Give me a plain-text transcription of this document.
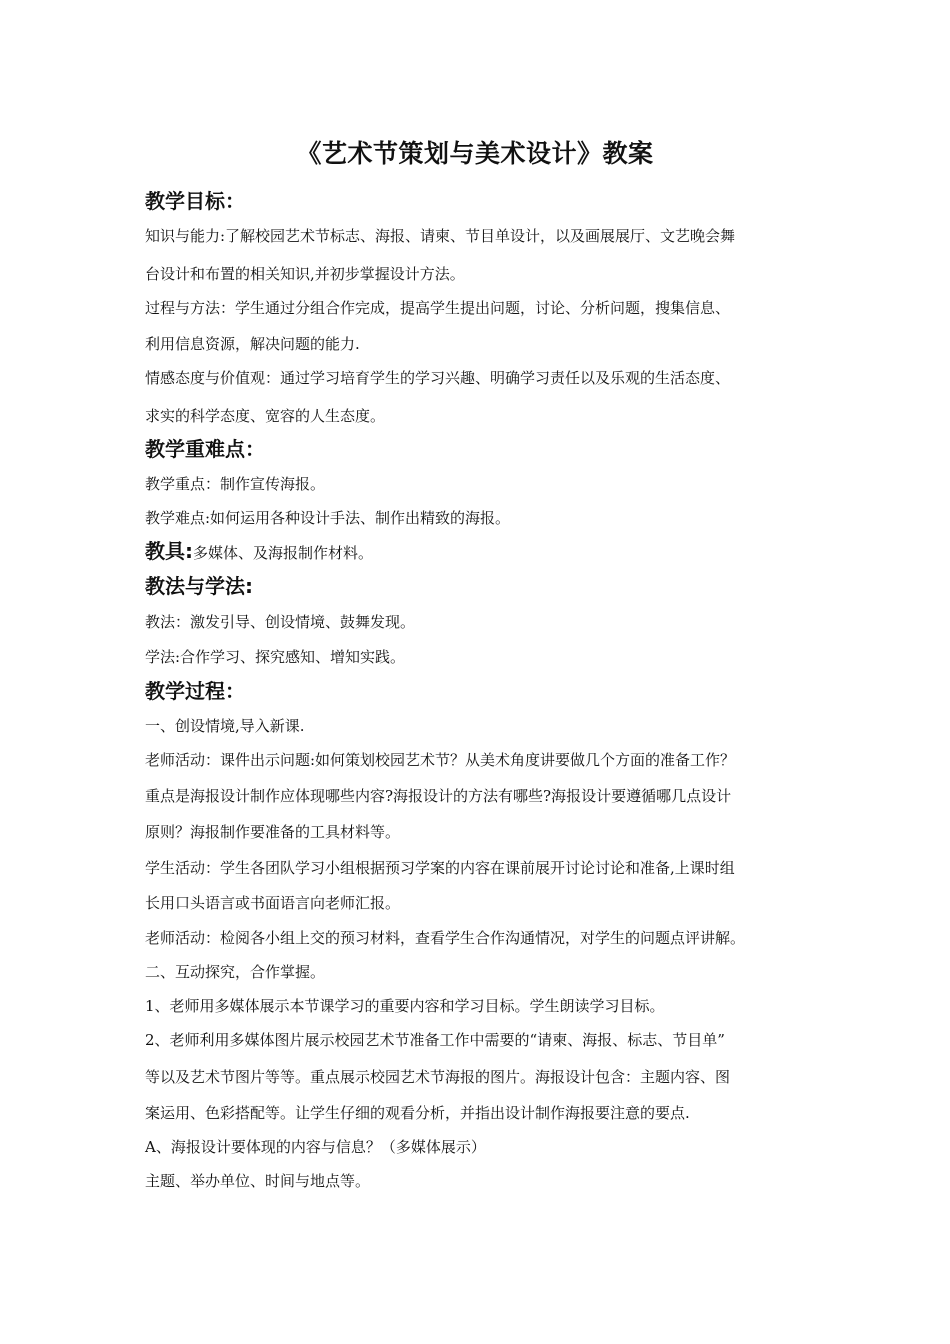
《艺术节策划与美术设计》教案
教学目标：

知识与能力:了解校园艺术节标志、海报、请柬、节目单设计，以及画展展厅、文艺晚会舞

台设计和布置的相关知识,并初步掌握设计方法。

过程与方法：学生通过分组合作完成，提高学生提出问题，讨论、分析问题，搜集信息、

利用信息资源，解决问题的能力.

情感态度与价值观：通过学习培育学生的学习兴趣、明确学习责任以及乐观的生活态度、

求实的科学态度、宽容的人生态度。

教学重难点：

教学重点：制作宣传海报。

教学难点:如何运用各种设计手法、制作出精致的海报。

教具:多媒体、及海报制作材料。
教法与学法:

教法：激发引导、创设情境、鼓舞发现。

学法:合作学习、探究感知、增知实践。

教学过程：

一、创设情境,导入新课.

老师活动：课件出示问题:如何策划校园艺术节？从美术角度讲要做几个方面的准备工作？

重点是海报设计制作应体现哪些内容?海报设计的方法有哪些?海报设计要遵循哪几点设计

原则？海报制作要准备的工具材料等。

学生活动：学生各团队学习小组根据预习学案的内容在课前展开讨论讨论和准备,上课时组

长用口头语言或书面语言向老师汇报。

老师活动：检阅各小组上交的预习材料，查看学生合作沟通情况，对学生的问题点评讲解。

二、互动探究，合作掌握。

1、老师用多媒体展示本节课学习的重要内容和学习目标。学生朗读学习目标。

2、老师利用多媒体图片展示校园艺术节准备工作中需要的“请柬、海报、标志、节目单”

等以及艺术节图片等等。重点展示校园艺术节海报的图片。海报设计包含：主题内容、图

案运用、色彩搭配等。让学生仔细的观看分析，并指出设计制作海报要注意的要点.

A、海报设计要体现的内容与信息？（多媒体展示）

主题、举办单位、时间与地点等。
